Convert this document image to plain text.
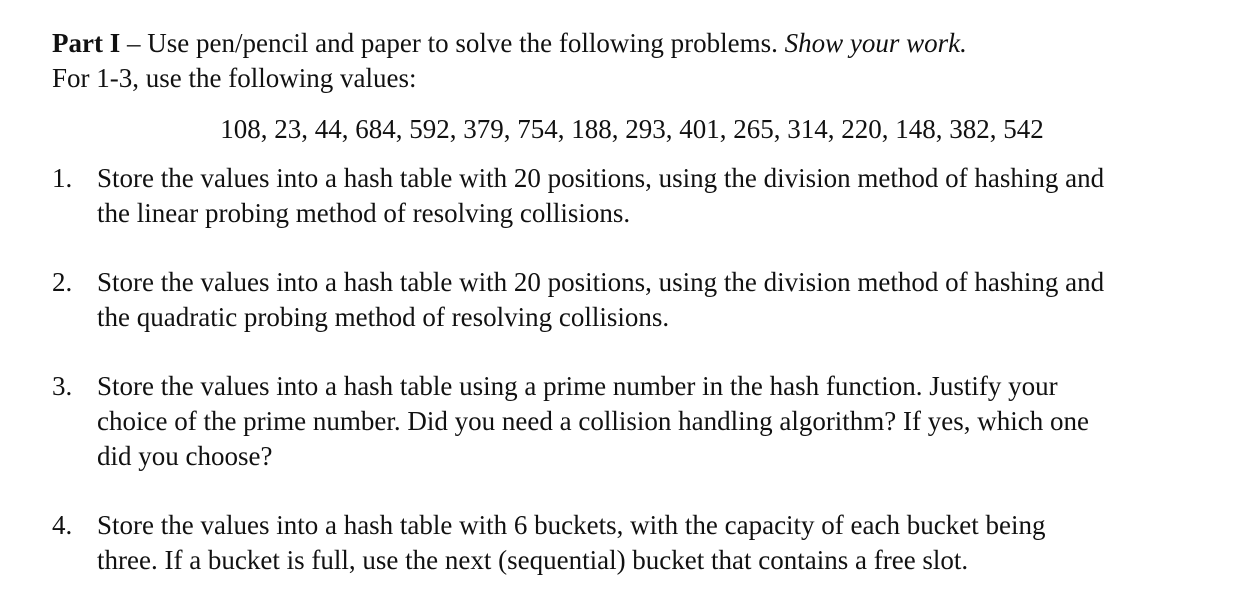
Part I – Use pen/pencil and paper to solve the following problems. Show your work.
For 1-3, use the following values:
108, 23, 44, 684, 592, 379, 754, 188, 293, 401, 265, 314, 220, 148, 382, 542
1. Store the values into a hash table with 20 positions, using the division method of hashing and
the linear probing method of resolving collisions.
2. Store the values into a hash table with 20 positions, using the division method of hashing and
the quadratic probing method of resolving collisions.
3. Store the values into a hash table using a prime number in the hash function. Justify your
choice of the prime number. Did you need a collision handling algorithm? If yes, which one
did you choose?
4. Store the values into a hash table with 6 buckets, with the capacity of each bucket being
three. If a bucket is full, use the next (sequential) bucket that contains a free slot.
